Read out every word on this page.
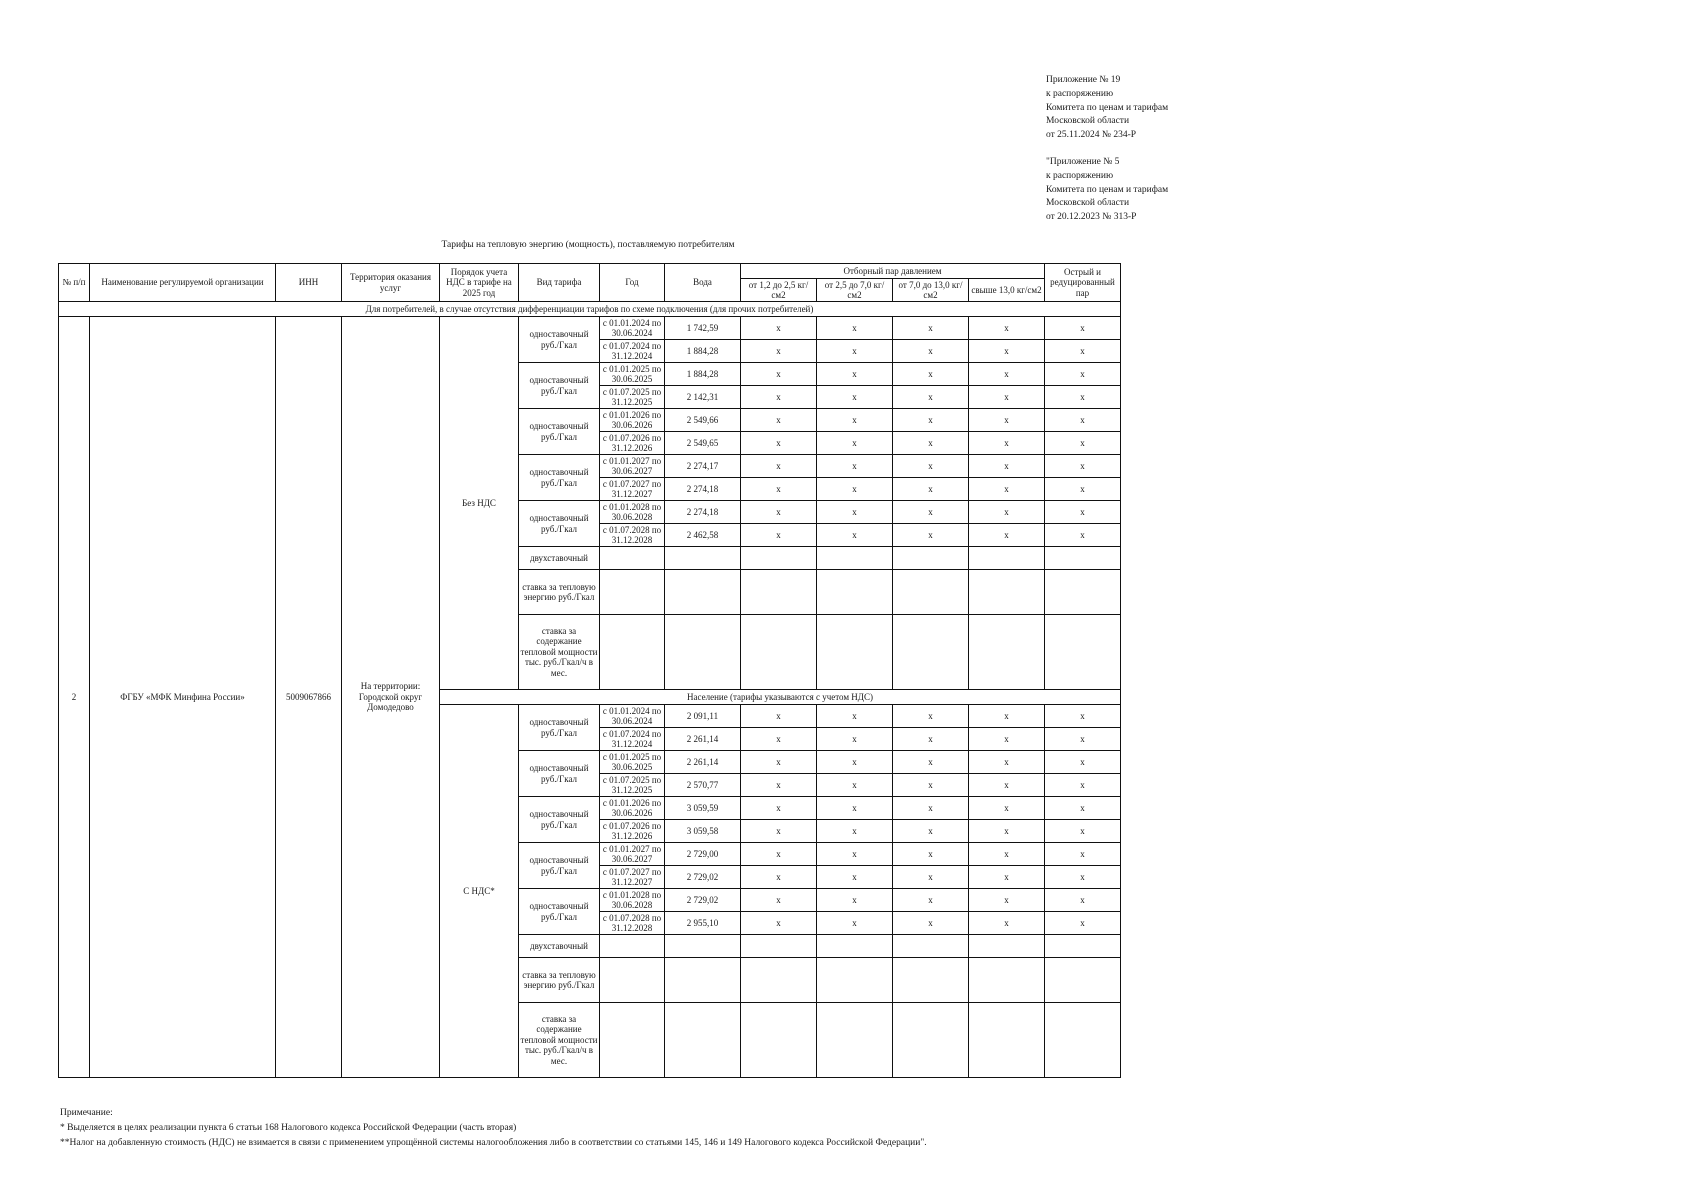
Приложение № 19
к распоряжению
Комитета по ценам и тарифам
Московской области
от 25.11.2024 № 234-Р
"Приложение № 5
к распоряжению
Комитета по ценам и тарифам
Московской области
от 20.12.2023 № 313-Р
Тарифы на тепловую энергию (мощность), поставляемую потребителям
№ п/п	Наименование регулируемой организации	ИНН	Территория оказания услуг	Порядок учета НДС в тарифе на 2025 год	Вид тарифа	Год	Вода	Отборный пар давлением				Острый и редуцированный пар
								от 1,2 до 2,5 кг/см2	от 2,5 до 7,0 кг/см2	от 7,0 до 13,0 кг/см2	свыше 13,0 кг/см2	
Для потребителей, в случае отсутствия дифференциации тарифов по схеме подключения (для прочих потребителей)												
2	ФГБУ «МФК Минфина России»	5009067866	На территории: Городской округ Домодедово	Без НДС	одноставочный руб./Гкал	с 01.01.2024 по 30.06.2024	1 742,59	x	x	x	x	x
						с 01.07.2024 по 31.12.2024	1 884,28	x	x	x	x	x
					одноставочный руб./Гкал	с 01.01.2025 по 30.06.2025	1 884,28	x	x	x	x	x
						с 01.07.2025 по 31.12.2025	2 142,31	x	x	x	x	x
					одноставочный руб./Гкал	с 01.01.2026 по 30.06.2026	2 549,66	x	x	x	x	x
						с 01.07.2026 по 31.12.2026	2 549,65	x	x	x	x	x
					одноставочный руб./Гкал	с 01.01.2027 по 30.06.2027	2 274,17	x	x	x	x	x
						с 01.07.2027 по 31.12.2027	2 274,18	x	x	x	x	x
					одноставочный руб./Гкал	с 01.01.2028 по 30.06.2028	2 274,18	x	x	x	x	x
						с 01.07.2028 по 31.12.2028	2 462,58	x	x	x	x	x
					двухставочный							
					ставка за тепловую энергию руб./Гкал							
					ставка за содержание тепловой мощности тыс. руб./Гкал/ч в мес.							
				Население (тарифы указываются с учетом НДС)								
				С НДС*	одноставочный руб./Гкал	с 01.01.2024 по 30.06.2024	2 091,11	x	x	x	x	x
						с 01.07.2024 по 31.12.2024	2 261,14	x	x	x	x	x
					одноставочный руб./Гкал	с 01.01.2025 по 30.06.2025	2 261,14	x	x	x	x	x
						с 01.07.2025 по 31.12.2025	2 570,77	x	x	x	x	x
					одноставочный руб./Гкал	с 01.01.2026 по 30.06.2026	3 059,59	x	x	x	x	x
						с 01.07.2026 по 31.12.2026	3 059,58	x	x	x	x	x
					одноставочный руб./Гкал	с 01.01.2027 по 30.06.2027	2 729,00	x	x	x	x	x
						с 01.07.2027 по 31.12.2027	2 729,02	x	x	x	x	x
					одноставочный руб./Гкал	с 01.01.2028 по 30.06.2028	2 729,02	x	x	x	x	x
						с 01.07.2028 по 31.12.2028	2 955,10	x	x	x	x	x
					двухставочный							
					ставка за тепловую энергию руб./Гкал							
					ставка за содержание тепловой мощности тыс. руб./Гкал/ч в мес.							
Примечание:
* Выделяется в целях реализации пункта 6 статьи 168 Налогового кодекса Российской Федерации (часть вторая)
**Налог на добавленную стоимость (НДС) не взимается в связи с применением упрощённой системы налогообложения либо в соответствии со статьями 145, 146 и 149 Налогового кодекса Российской Федерации".
